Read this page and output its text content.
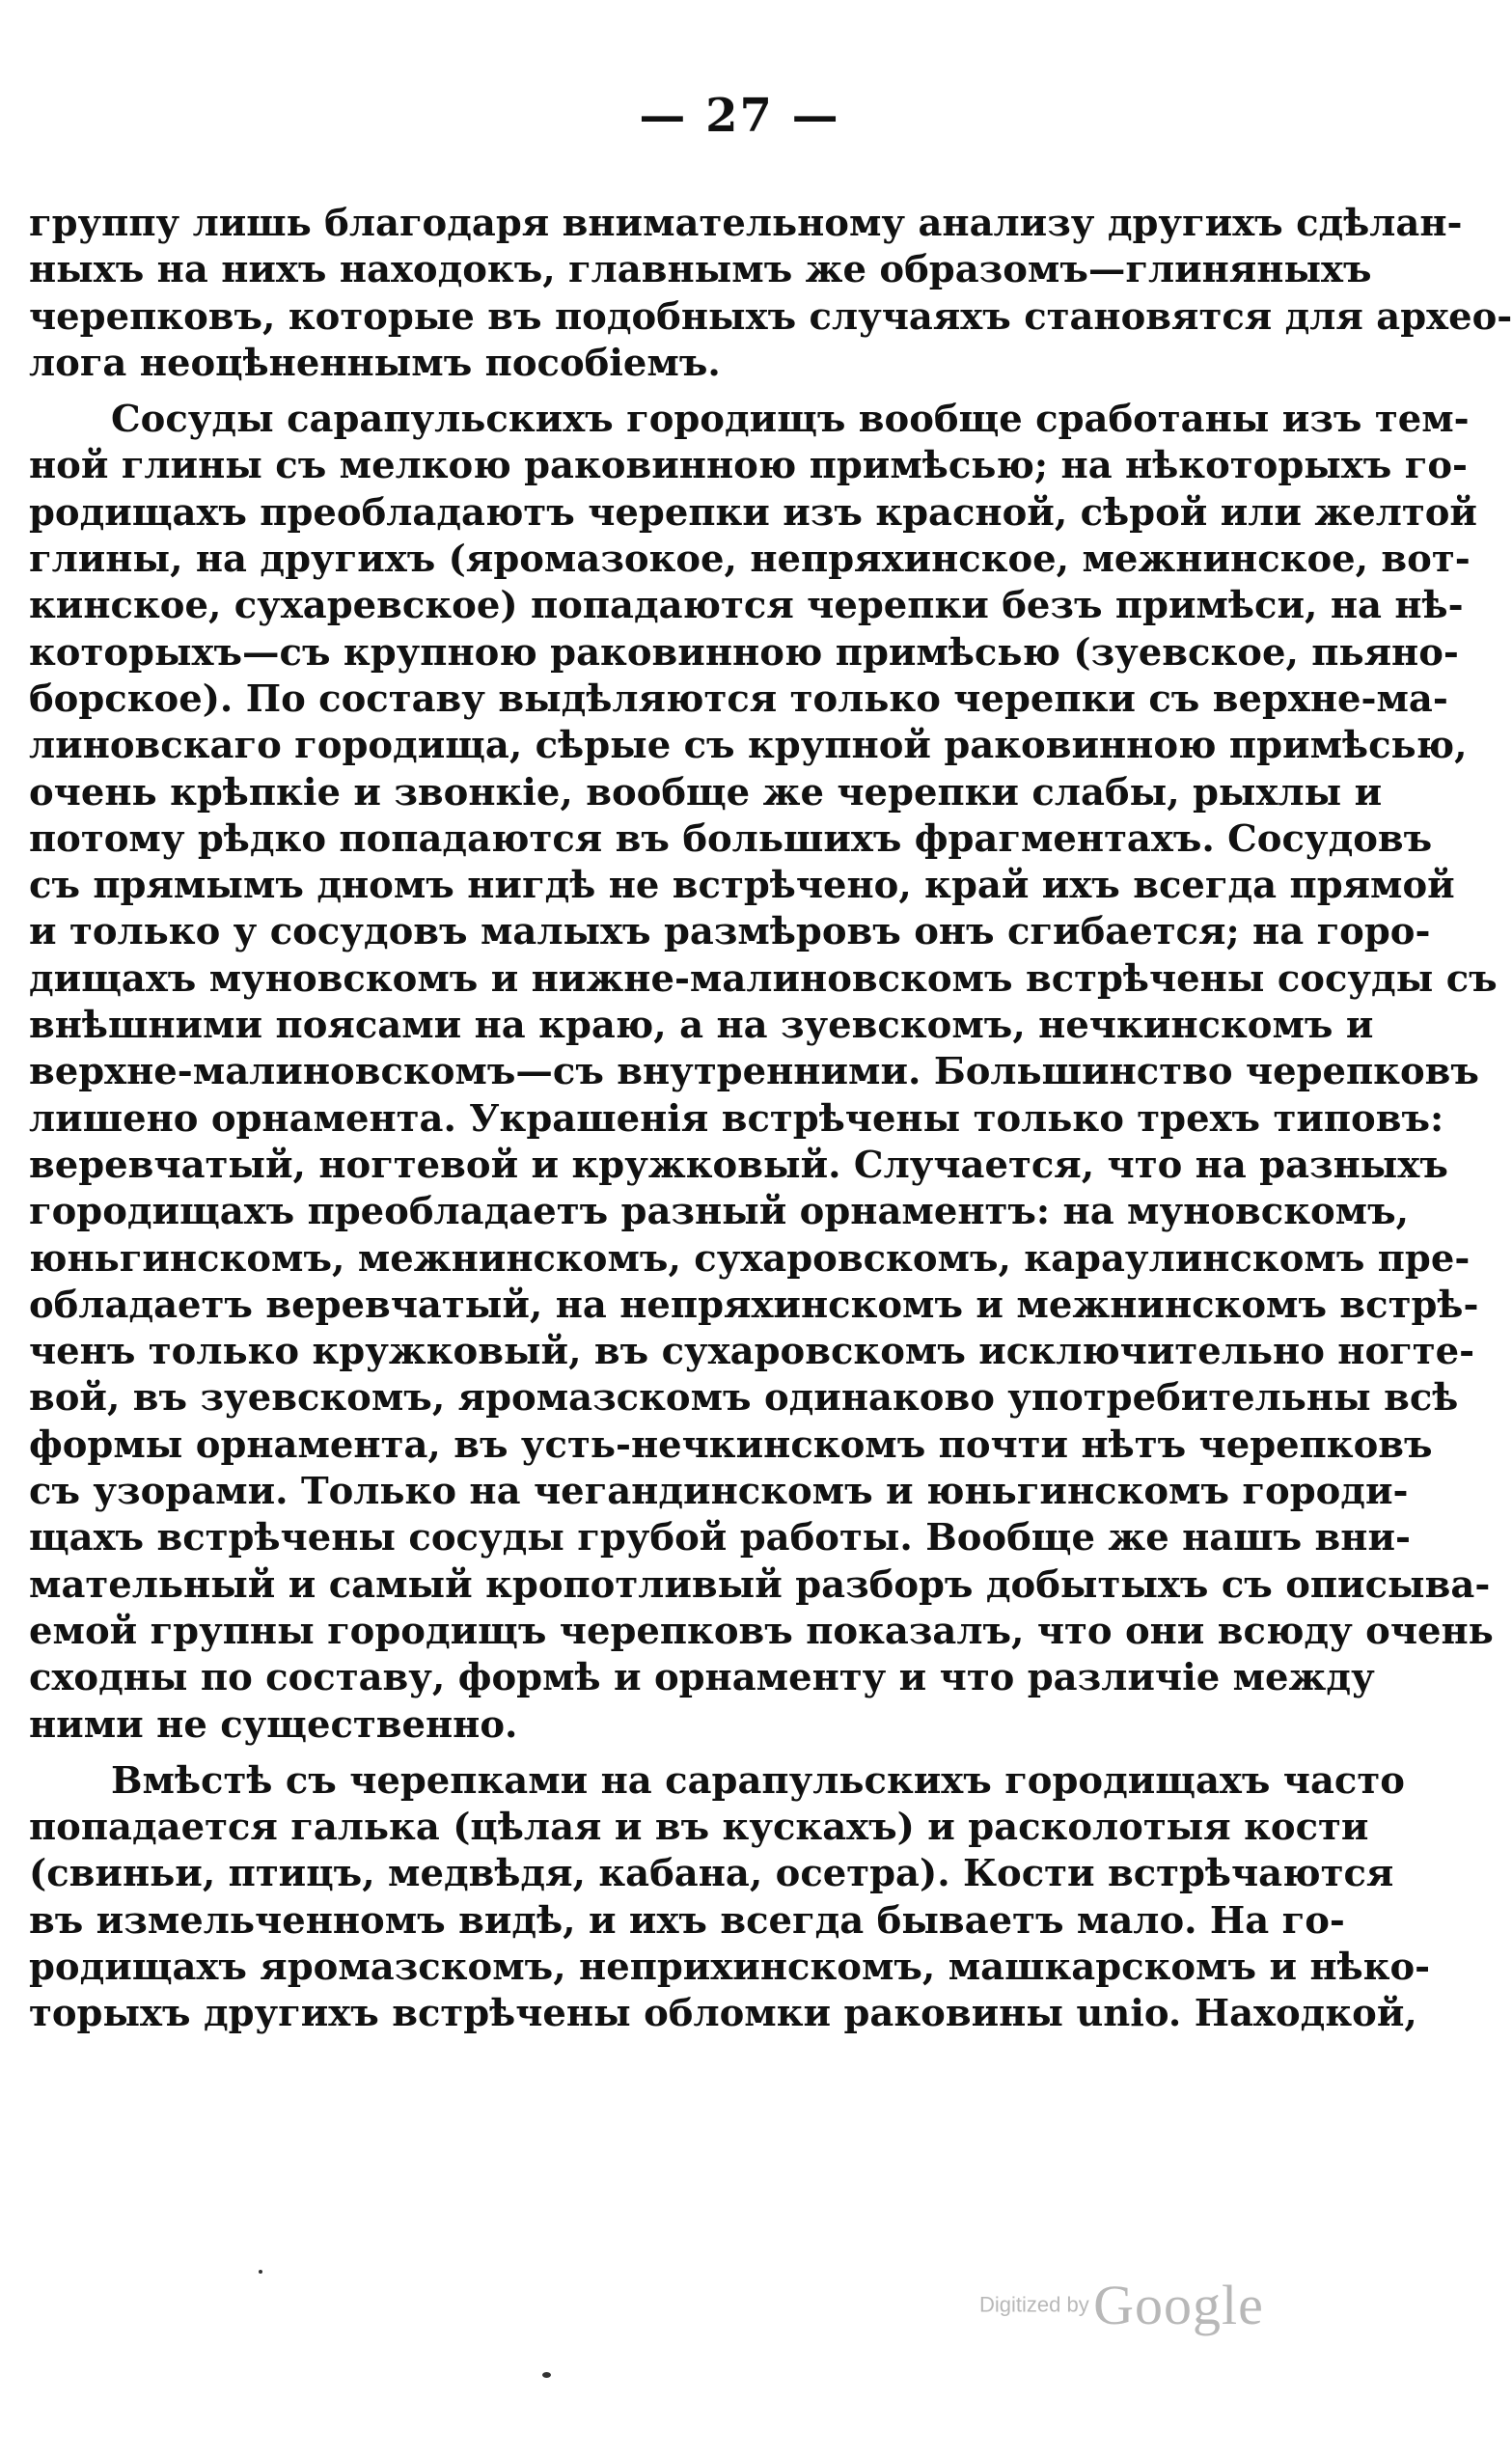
— 27 —
группу лишь благодаря внимательному анализу другихъ сдѣлан-
ныхъ на нихъ находокъ, главнымъ же образомъ—глиняныхъ
черепковъ, которые въ подобныхъ случаяхъ становятся для архео-
лога неоцѣненнымъ пособіемъ.
Сосуды сарапульскихъ городищъ вообще сработаны изъ тем-
ной глины съ мелкою раковинною примѣсью; на нѣкоторыхъ го-
родищахъ преобладаютъ черепки изъ красной, сѣрой или желтой
глины, на другихъ (яромазокое, непряхинское, межнинское, вот-
кинское, сухаревское) попадаются черепки безъ примѣси, на нѣ-
которыхъ—съ крупною раковинною примѣсью (зуевское, пьяно-
борское). По составу выдѣляются только черепки съ верхне-ма-
линовскаго городища, сѣрые съ крупной раковинною примѣсью,
очень крѣпкіе и звонкіе, вообще же черепки слабы, рыхлы и
потому рѣдко попадаются въ большихъ фрагментахъ. Сосудовъ
съ прямымъ дномъ нигдѣ не встрѣчено, край ихъ всегда прямой
и только у сосудовъ малыхъ размѣровъ онъ сгибается; на горо-
дищахъ муновскомъ и нижне-малиновскомъ встрѣчены сосуды съ
внѣшними поясами на краю, а на зуевскомъ, нечкинскомъ и
верхне-малиновскомъ—съ внутренними. Большинство черепковъ
лишено орнамента. Украшенія встрѣчены только трехъ типовъ:
веревчатый, ногтевой и кружковый. Случается, что на разныхъ
городищахъ преобладаетъ разный орнаментъ: на муновскомъ,
юньгинскомъ, межнинскомъ, сухаровскомъ, караулинскомъ пре-
обладаетъ веревчатый, на непряхинскомъ и межнинскомъ встрѣ-
ченъ только кружковый, въ сухаровскомъ исключительно ногте-
вой, въ зуевскомъ, яромазскомъ одинаково употребительны всѣ
формы орнамента, въ усть-нечкинскомъ почти нѣтъ черепковъ
съ узорами. Только на чегандинскомъ и юньгинскомъ городи-
щахъ встрѣчены сосуды грубой работы. Вообще же нашъ вни-
мательный и самый кропотливый разборъ добытыхъ съ описыва-
емой групны городищъ черепковъ показалъ, что они всюду очень
сходны по составу, формѣ и орнаменту и что различіе между
ними не существенно.
Вмѣстѣ съ черепками на сарапульскихъ городищахъ часто
попадается галька (цѣлая и въ кускахъ) и расколотыя кости
(свиньи, птицъ, медвѣдя, кабана, осетра). Кости встрѣчаются
въ измельченномъ видѣ, и ихъ всегда бываетъ мало. На го-
родищахъ яромазскомъ, неприхинскомъ, машкарскомъ и нѣко-
торыхъ другихъ встрѣчены обломки раковины unio. Находкой,
Digitized by Google
